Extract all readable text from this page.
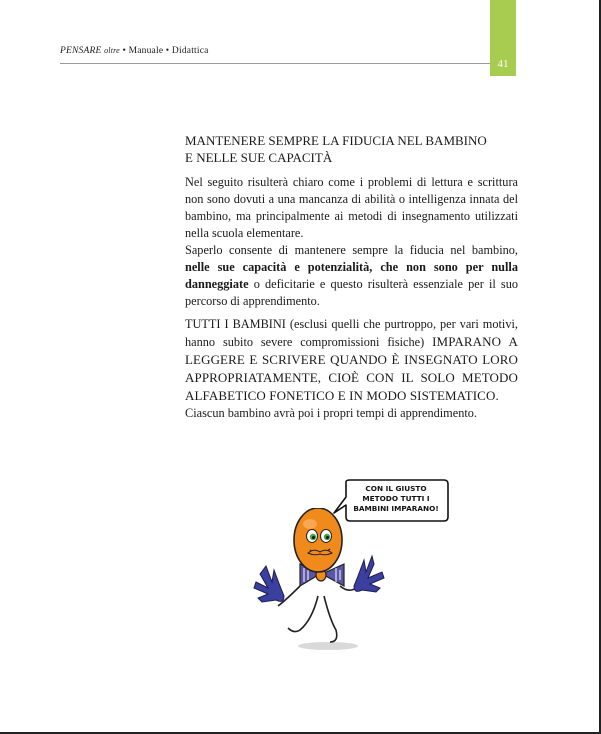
PENSARE oltre • Manuale • Didattica
41
MANTENERE SEMPRE LA FIDUCIA NEL BAMBINO
E NELLE SUE CAPACITÀ

Nel seguito risulterà chiaro come i problemi di lettura e scrittura non sono dovuti a una mancanza di abilità o intelligenza innata del bambino, ma principalmente ai metodi di insegnamento utilizzati nella scuola elementare.

Saperlo consente di mantenere sempre la fiducia nel bambino, nelle sue capacità e potenzialità, che non sono per nulla danneggiate o deficitarie e questo risulterà essenziale per il suo percorso di apprendimento.

TUTTI I BAMBINI (esclusi quelli che purtroppo, per vari motivi, hanno subito severe compromissioni fisiche) IMPARANO A LEGGERE E SCRIVERE QUANDO È INSEGNATO LORO APPROPRIATAMENTE, CIOÈ CON IL SOLO METODO ALFABETICO FONETICO E IN MODO SISTEMATICO.

Ciascun bambino avrà poi i propri tempi di apprendimento.

CON IL GIUSTO
METODO TUTTI I
BAMBINI IMPARANO!
